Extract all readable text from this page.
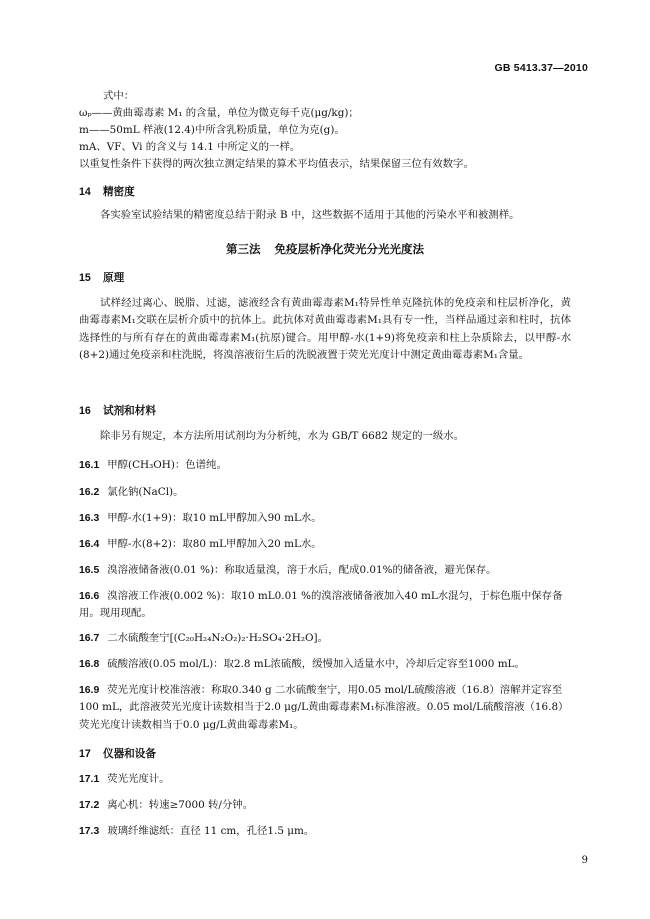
GB 5413.37—2010
式中：
ωₚ——黄曲霉毒素 M₁ 的含量，单位为微克每千克(μg/kg)；
m——50mL 样液(12.4)中所含乳粉质量，单位为克(g)。
mA、VF、Vi 的含义与 14.1 中所定义的一样。
以重复性条件下获得的两次独立测定结果的算术平均值表示，结果保留三位有效数字。
14 精密度
各实验室试验结果的精密度总结于附录 B 中，这些数据不适用于其他的污染水平和被测样。
第三法 免疫层析净化荧光分光光度法
15 原理
试样经过离心、脱脂、过滤，滤液经含有黄曲霉毒素M₁特异性单克隆抗体的免疫亲和柱层析净化，黄曲霉毒素M₁交联在层析介质中的抗体上。此抗体对黄曲霉毒素M₁具有专一性，当样品通过亲和柱时，抗体选择性的与所有存在的黄曲霉毒素M₁(抗原)键合。用甲醇-水(1+9)将免疫亲和柱上杂质除去，以甲醇-水(8+2)通过免疫亲和柱洗脱，将溴溶液衍生后的洗脱液置于荧光光度计中测定黄曲霉毒素M₁含量。
16 试剂和材料
除非另有规定，本方法所用试剂均为分析纯，水为 GB/T 6682 规定的一级水。
16.1 甲醇(CH₃OH)：色谱纯。
16.2 氯化钠(NaCl)。
16.3 甲醇-水(1+9)：取10 mL甲醇加入90 mL水。
16.4 甲醇-水(8+2)：取80 mL甲醇加入20 mL水。
16.5 溴溶液储备液(0.01 %)：称取适量溴，溶于水后，配成0.01%的储备液，避光保存。
16.6 溴溶液工作液(0.002 %)：取10 mL0.01 %的溴溶液储备液加入40 mL水混匀，于棕色瓶中保存备用。现用现配。
16.7 二水硫酸奎宁[(C₂₀H₂₄N₂O₂)₂·H₂SO₄·2H₂O]。
16.8 硫酸溶液(0.05 mol/L)：取2.8 mL浓硫酸，缓慢加入适量水中，冷却后定容至1000 mL。
16.9 荧光光度计校准溶液：称取0.340 g 二水硫酸奎宁，用0.05 mol/L硫酸溶液（16.8）溶解并定容至100 mL，此溶液荧光光度计读数相当于2.0 μg/L黄曲霉毒素M₁标准溶液。0.05 mol/L硫酸溶液（16.8）荧光光度计读数相当于0.0 μg/L黄曲霉毒素M₁。
17 仪器和设备
17.1 荧光光度计。
17.2 离心机：转速≥7000 转/分钟。
17.3 玻璃纤维滤纸：直径 11 cm，孔径1.5 μm。
9
